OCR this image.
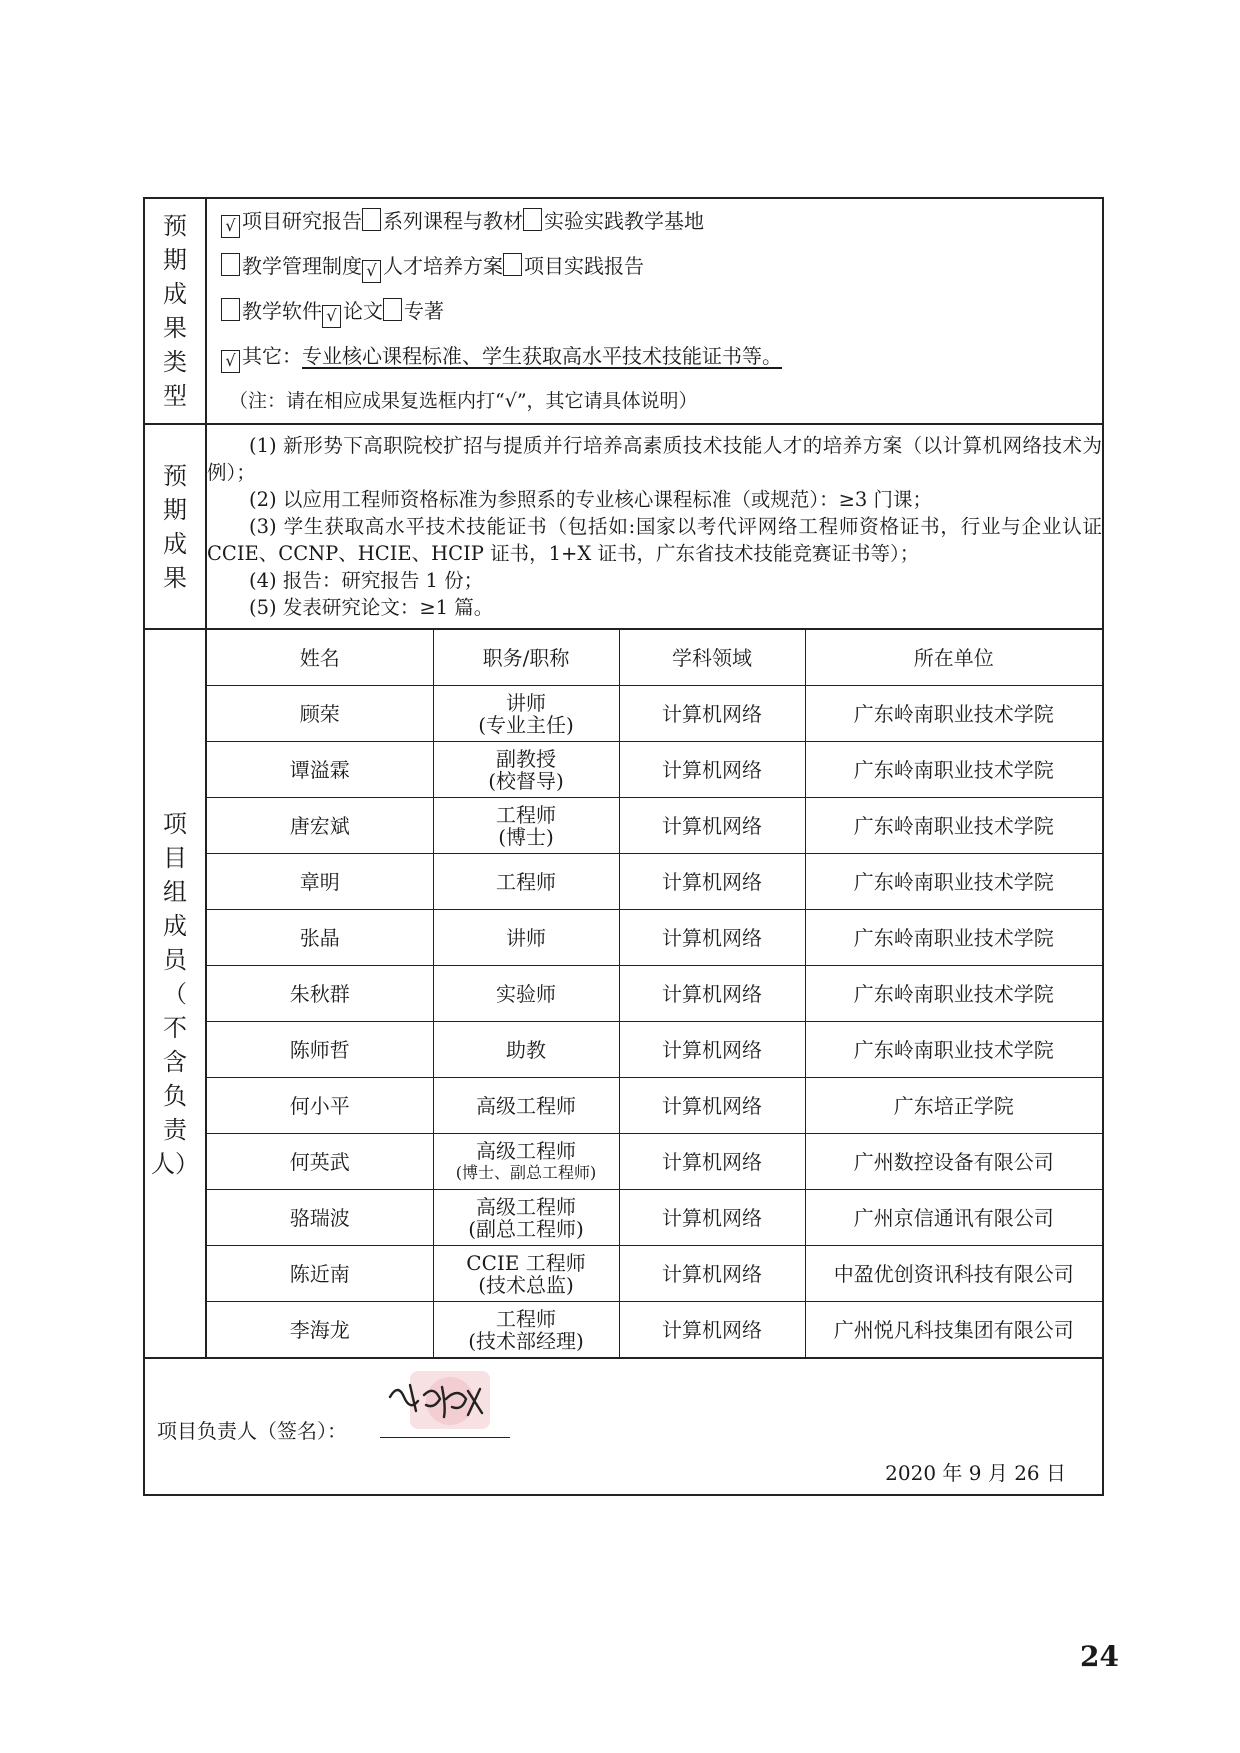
预
期
成
果
类
型

√ 项目研究报告 系列课程与教材 实验实践教学基地
教学管理制度 √ 人才培养方案 项目实践报告
教学软件 √ 论文 专著
√ 其它：专业核心课程标准、学生获取高水平技术技能证书等。
（注：请在相应成果复选框内打“√”，其它请具体说明）

预
期
成
果

(1) 新形势下高职院校扩招与提质并行培养高素质技术技能人才的培养方案（以计算机网络技术为例）；
(2) 以应用工程师资格标准为参照系的专业核心课程标准（或规范）：≥3 门课；
(3) 学生获取高水平技术技能证书（包括如:国家以考代评网络工程师资格证书，行业与企业认证 CCIE、CCNP、HCIE、HCIP 证书，1+X 证书，广东省技术技能竞赛证书等）；
(4) 报告：研究报告 1 份；
(5) 发表研究论文：≥1 篇。

项
目
组
成
员
（
不
含
负
责
人）

姓名	职务/职称	学科领域	所在单位
顾荣	讲师
(专业主任)	计算机网络	广东岭南职业技术学院
谭溢霖	副教授
(校督导)	计算机网络	广东岭南职业技术学院
唐宏斌	工程师
(博士)	计算机网络	广东岭南职业技术学院
章明	工程师	计算机网络	广东岭南职业技术学院
张晶	讲师	计算机网络	广东岭南职业技术学院
朱秋群	实验师	计算机网络	广东岭南职业技术学院
陈师哲	助教	计算机网络	广东岭南职业技术学院
何小平	高级工程师	计算机网络	广东培正学院
何英武	高级工程师
(博士、副总工程师)	计算机网络	广州数控设备有限公司
骆瑞波	高级工程师
(副总工程师)	计算机网络	广州京信通讯有限公司
陈近南	CCIE 工程师
(技术总监)	计算机网络	中盈优创资讯科技有限公司
李海龙	工程师
(技术部经理)	计算机网络	广州悦凡科技集团有限公司

项目负责人（签名）：
2020 年 9 月 26 日
24
